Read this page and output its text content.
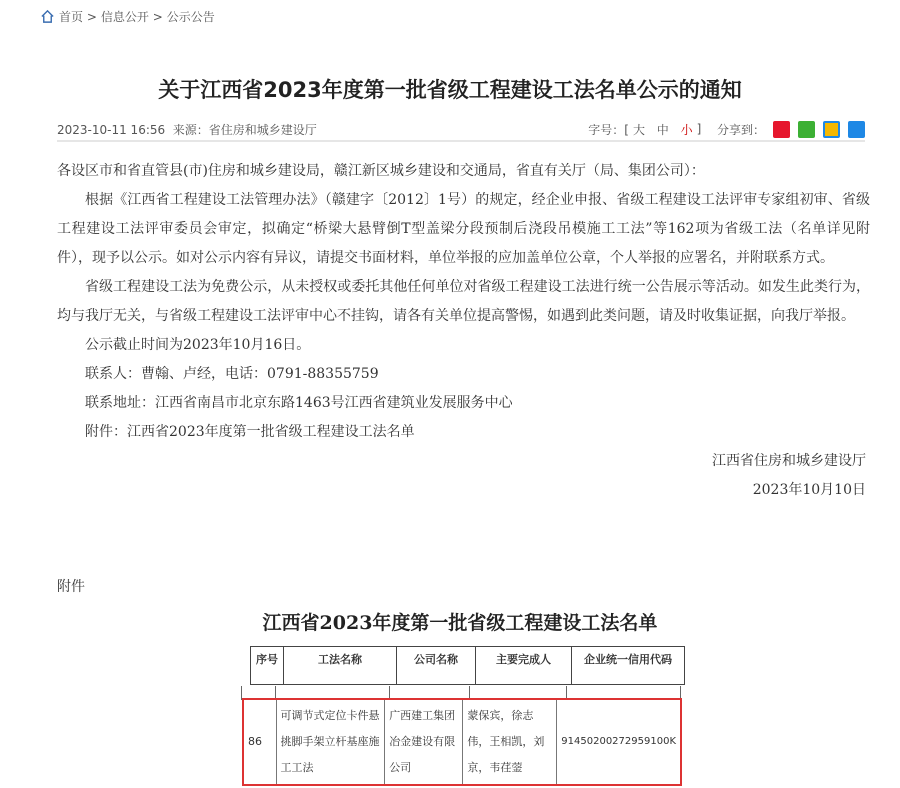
首页 > 信息公开 > 公示公告
关于江西省2023年度第一批省级工程建设工法名单公示的通知
2023-10-11 16:56 来源：省住房和城乡建设厅	字号：[ 大
中
小 ]
分享到：

各设区市和省直管县(市)住房和城乡建设局，赣江新区城乡建设和交通局，省直有关厅（局、集团公司）：

根据《江西省工程建设工法管理办法》（赣建字〔2012〕1号）的规定，经企业申报、省级工程建设工法评审专家组初审、省级工程建设工法评审委员会审定，拟确定“桥梁大悬臂倒T型盖梁分段预制后浇段吊模施工工法”等162项为省级工法（名单详见附件），现予以公示。如对公示内容有异议，请提交书面材料，单位举报的应加盖单位公章，个人举报的应署名，并附联系方式。

省级工程建设工法为免费公示，从未授权或委托其他任何单位对省级工程建设工法进行统一公告展示等活动。如发生此类行为，均与我厅无关，与省级工程建设工法评审中心不挂钩，请各有关单位提高警惕，如遇到此类问题，请及时收集证据，向我厅举报。

公示截止时间为2023年10月16日。

联系人：曹翰、卢经，电话：0791-88355759

联系地址：江西省南昌市北京东路1463号江西省建筑业发展服务中心

附件：江西省2023年度第一批省级工程建设工法名单

江西省住房和城乡建设厅

2023年10月10日

附件
江西省2023年度第一批省级工程建设工法名单
序号	工法名称	公司名称	主要完成人	企业统一信用代码
86	可调节式定位卡件悬挑脚手架立杆基座施工工法	广西建工集团冶金建设有限公司	蒙保宾，徐志伟，王相凯，刘京，韦荏蓥	91450200272959100K
